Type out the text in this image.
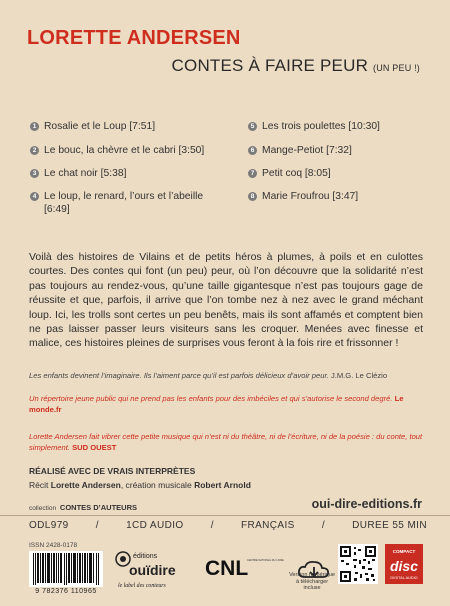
LORETTE ANDERSEN
CONTES À FAIRE PEUR (UN PEU !)
1 Rosalie et le Loup [7:51]
2 Le bouc, la chèvre et le cabri [3:50]
3 Le chat noir [5:38]
4 Le loup, le renard, l’ours et l’abeille [6:49]
5 Les trois poulettes [10:30]
6 Mange-Petiot [7:32]
7 Petit coq [8:05]
8 Marie Froufrou [3:47]
Voilà des histoires de Vilains et de petits héros à plumes, à poils et en culottes courtes. Des contes qui font (un peu) peur, où l’on découvre que la solidarité n’est pas toujours au rendez-vous, qu’une taille gigantesque n’est pas toujours gage de réussite et que, parfois, il arrive que l’on tombe nez à nez avec le grand méchant loup. Ici, les trolls sont certes un peu benêts, mais ils sont affamés et comptent bien ne pas laisser passer leurs visiteurs sans les croquer. Menées avec finesse et malice, ces histoires pleines de surprises vous feront à la fois rire et frissonner !
Les enfants devinent l’imaginaire. Ils l’aiment parce qu’il est parfois délicieux d’avoir peur. J.M.G. Le Clézio
Un répertoire jeune public qui ne prend pas les enfants pour des imbéciles et qui s’autorise le second degré. Le monde.fr
Lorette Andersen fait vibrer cette petite musique qui n’est ni du théâtre, ni de l’écriture, ni de la poésie : du conte, tout simplement. SUD OUEST
RÉALISÉ AVEC DE VRAIS INTERPRÈTES
Récit Lorette Andersen, création musicale Robert Arnold
collection CONTES D’AUTEURS	oui-dire-editions.fr
ODL979	/	1CD AUDIO	/	FRANÇAIS	/	DUREE 55 MIN
ISSN 2428-0178
9 782376 110965
éditions
ouïdire
le label des conteurs
CNL
CENTRE NATIONAL DU LIVRE
Version numérique à télécharger incluse
COMPACT
disc
DIGITAL AUDIO
